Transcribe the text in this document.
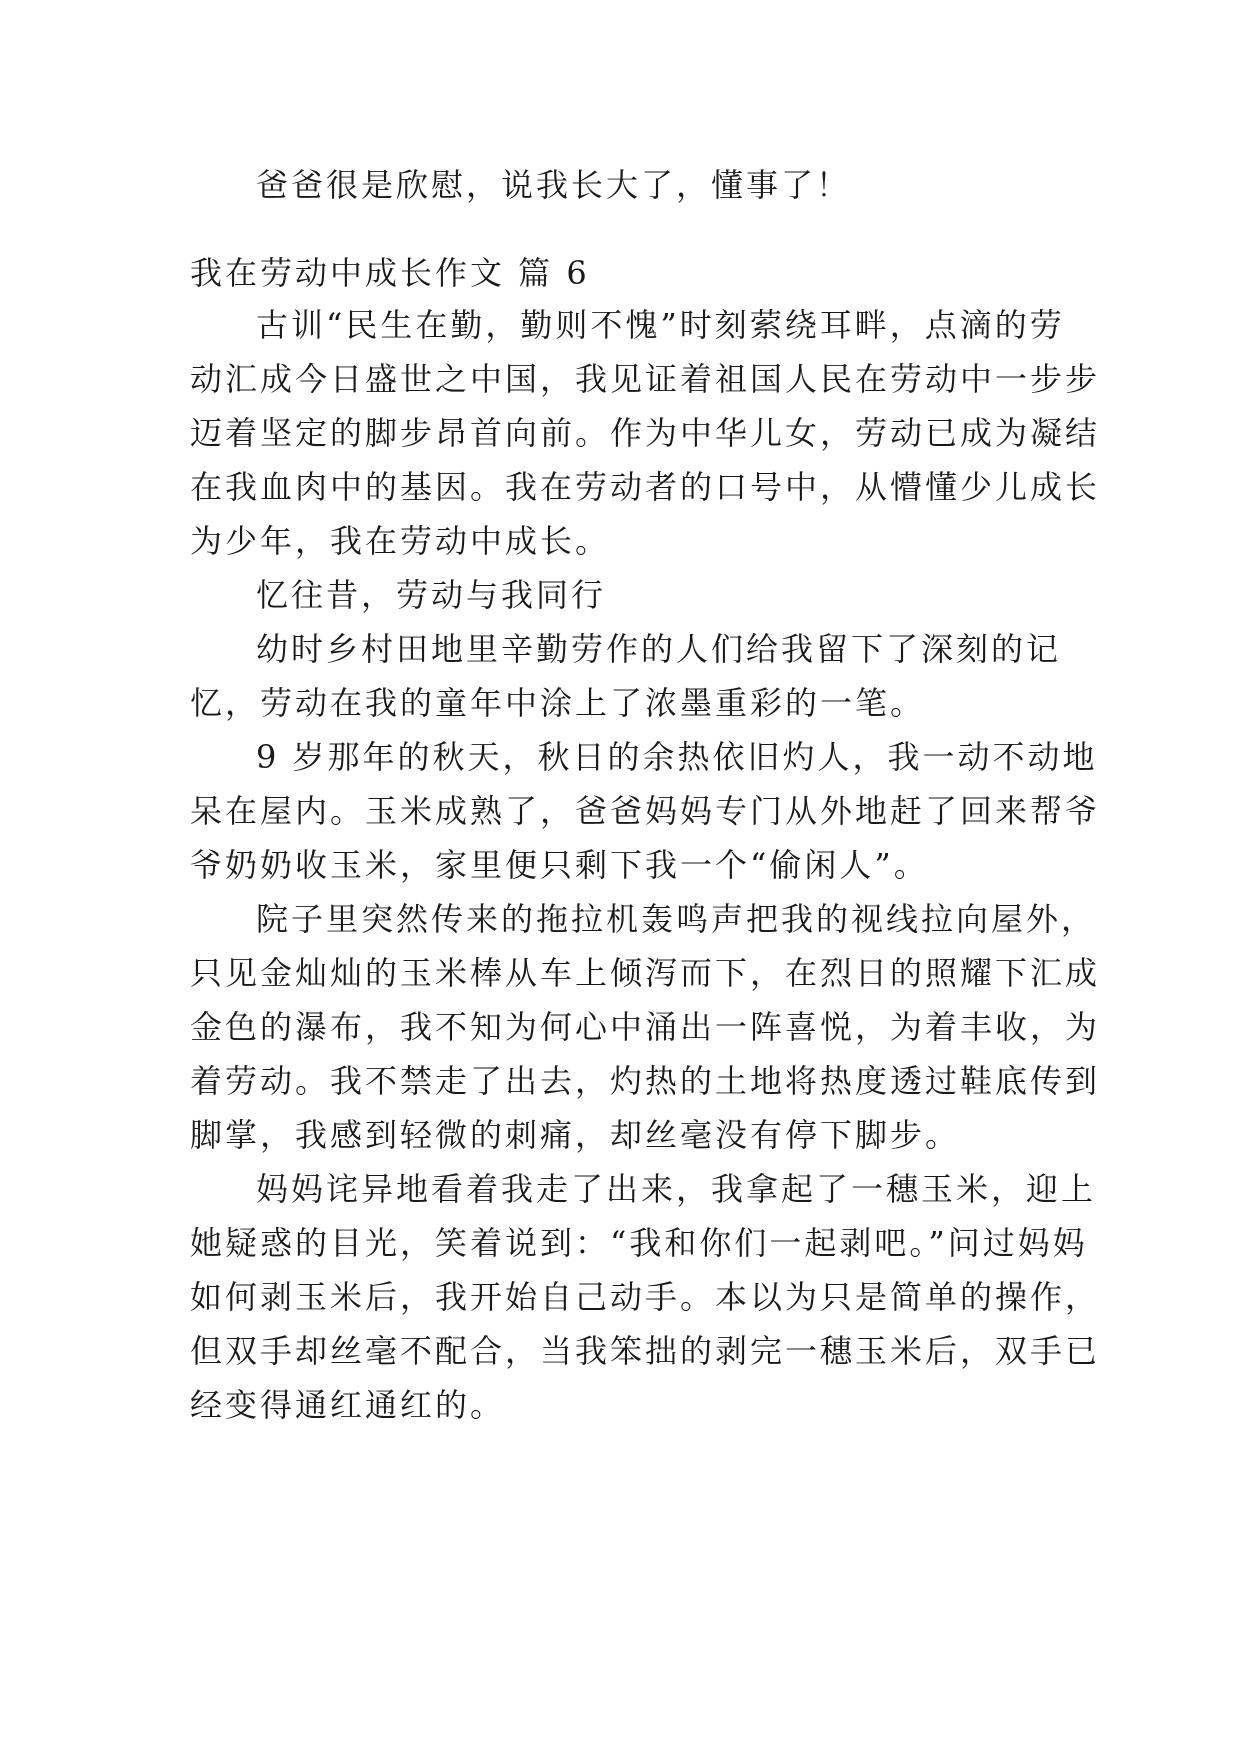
爸爸很是欣慰，说我长大了，懂事了！
我在劳动中成长作文 篇 6
古训“民生在勤，勤则不愧”时刻萦绕耳畔，点滴的劳
动汇成今日盛世之中国，我见证着祖国人民在劳动中一步步
迈着坚定的脚步昂首向前。作为中华儿女，劳动已成为凝结
在我血肉中的基因。我在劳动者的口号中，从懵懂少儿成长
为少年，我在劳动中成长。
忆往昔，劳动与我同行
幼时乡村田地里辛勤劳作的人们给我留下了深刻的记
忆，劳动在我的童年中涂上了浓墨重彩的一笔。
9 岁那年的秋天，秋日的余热依旧灼人，我一动不动地
呆在屋内。玉米成熟了，爸爸妈妈专门从外地赶了回来帮爷
爷奶奶收玉米，家里便只剩下我一个“偷闲人”。
院子里突然传来的拖拉机轰鸣声把我的视线拉向屋外，
只见金灿灿的玉米棒从车上倾泻而下，在烈日的照耀下汇成
金色的瀑布，我不知为何心中涌出一阵喜悦，为着丰收，为
着劳动。我不禁走了出去，灼热的土地将热度透过鞋底传到
脚掌，我感到轻微的刺痛，却丝毫没有停下脚步。
妈妈诧异地看着我走了出来，我拿起了一穗玉米，迎上
她疑惑的目光，笑着说到：“我和你们一起剥吧。”问过妈妈
如何剥玉米后，我开始自己动手。本以为只是简单的操作，
但双手却丝毫不配合，当我笨拙的剥完一穗玉米后，双手已
经变得通红通红的。
